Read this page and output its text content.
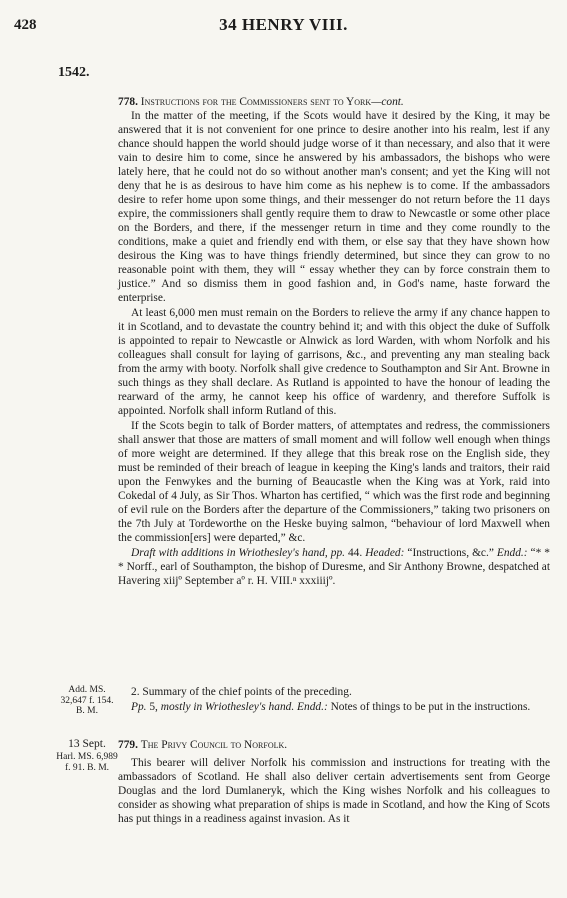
428	34 HENRY VIII.
1542.

778. Instructions for the Commissioners sent to York—cont.

In the matter of the meeting, if the Scots would have it desired by the King, it may be answered that it is not convenient for one prince to desire another into his realm, lest if any chance should happen the world should judge worse of it than necessary, and also that it were vain to desire him to come, since he answered by his ambassadors, the bishops who were lately here, that he could not do so without another man's consent; and yet the King will not deny that he is as desirous to have him come as his nephew is to come. If the ambassadors desire to refer home upon some things, and their messenger do not return before the 11 days expire, the commissioners shall gently require them to draw to Newcastle or some other place on the Borders, and there, if the messenger return in time and they come roundly to the conditions, make a quiet and friendly end with them, or else say that they have shown how desirous the King was to have things friendly determined, but since they can grow to no reasonable point with them, they will “ essay whether they can by force constrain them to justice.” And so dismiss them in good fashion and, in God's name, haste forward the enterprise.

At least 6,000 men must remain on the Borders to relieve the army if any chance happen to it in Scotland, and to devastate the country behind it; and with this object the duke of Suffolk is appointed to repair to Newcastle or Alnwick as lord Warden, with whom Norfolk and his colleagues shall consult for laying of garrisons, &c., and preventing any man stealing back from the army with booty. Norfolk shall give credence to Southampton and Sir Ant. Browne in such things as they shall declare. As Rutland is appointed to have the honour of leading the rearward of the army, he cannot keep his office of wardenry, and therefore Suffolk is appointed. Norfolk shall inform Rutland of this.

If the Scots begin to talk of Border matters, of attemptates and redress, the commissioners shall answer that those are matters of small moment and will follow well enough when things of more weight are determined. If they allege that this break rose on the English side, they must be reminded of their breach of league in keeping the King's lands and traitors, their raid upon the Fenwykes and the burning of Beaucastle when the King was at York, raid into Cokedal of 4 July, as Sir Thos. Wharton has certified, “ which was the first rode and beginning of evil rule on the Borders after the departure of the Commissioners,” taking two prisoners on the 7th July at Tordeworthe on the Heske buying salmon, “behaviour of lord Maxwell when the commission[ers] were departed,” &c.

Draft with additions in Wriothesley's hand, pp. 44. Headed: “Instructions, &c.” Endd.: “* * * Norff., earl of Southampton, the bishop of Duresme, and Sir Anthony Browne, despatched at Havering xiijº September aº r. H. VIII.ⁿ xxxiiijº.

Add. MS. 32,647 f. 154. B. M.

2. Summary of the chief points of the preceding.

Pp. 5, mostly in Wriothesley's hand. Endd.: Notes of things to be put in the instructions.

13 Sept.
Harl. MS. 6,989 f. 91. B. M.

779. The Privy Council to Norfolk.

This bearer will deliver Norfolk his commission and instructions for treating with the ambassadors of Scotland. He shall also deliver certain advertisements sent from George Douglas and the lord Dumlaneryk, which the King wishes Norfolk and his colleagues to consider as showing what preparation of ships is made in Scotland, and how the King of Scots has put things in a readiness against invasion. As it
